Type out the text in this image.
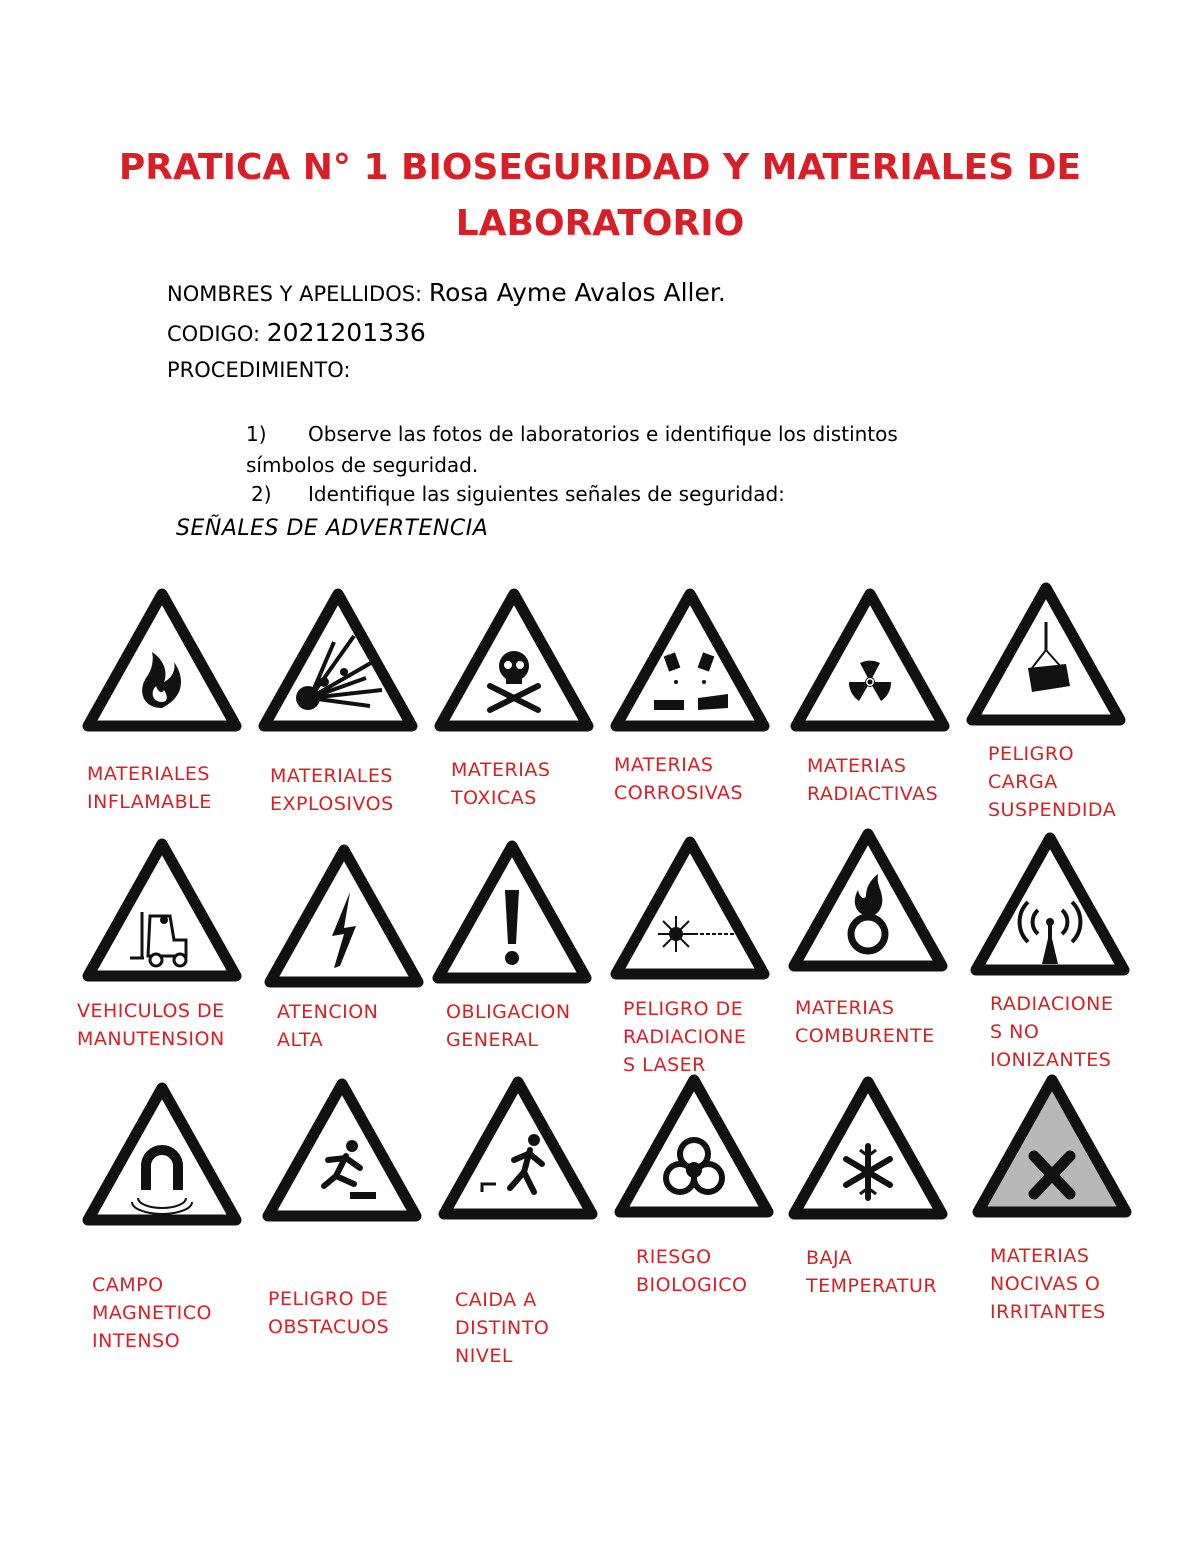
PRATICA N° 1 BIOSEGURIDAD Y MATERIALES DE LABORATORIO
NOMBRES Y APELLIDOS: Rosa Ayme Avalos Aller.
CODIGO: 2021201336
PROCEDIMIENTO:
1) Observe las fotos de laboratorios e identifique los distintos
símbolos de seguridad.
2) Identifique las siguientes señales de seguridad:
SEÑALES DE ADVERTENCIA
MATERIALES
INFLAMABLE
MATERIALES
EXPLOSIVOS
MATERIAS
TOXICAS
MATERIAS
CORROSIVAS
MATERIAS
RADIACTIVAS
PELIGRO
CARGA
SUSPENDIDA
VEHICULOS DE
MANUTENSION
ATENCION
ALTA
OBLIGACION
GENERAL
PELIGRO DE
RADIACIONE
S LASER
MATERIAS
COMBURENTE
RADIACIONE
S NO
IONIZANTES
CAMPO
MAGNETICO
INTENSO
PELIGRO DE
OBSTACUOS
CAIDA A
DISTINTO
NIVEL
RIESGO
BIOLOGICO
BAJA
TEMPERATUR
MATERIAS
NOCIVAS O
IRRITANTES
